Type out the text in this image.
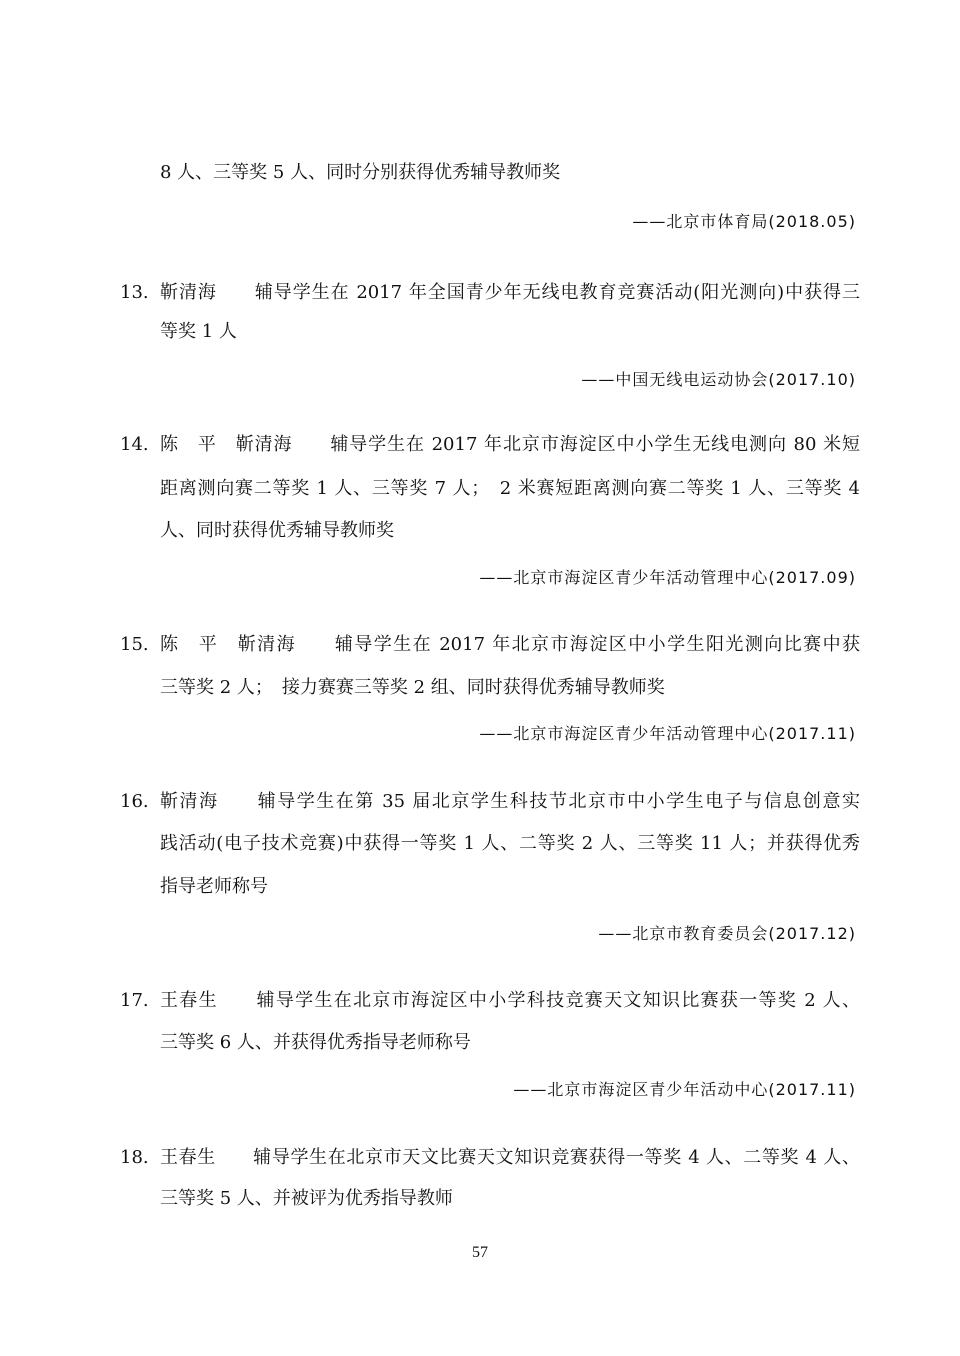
8 人、三等奖 5 人、同时分别获得优秀辅导教师奖
——北京市体育局(2018.05)
13. 靳清海　　辅导学生在 2017 年全国青少年无线电教育竞赛活动(阳光测向)中获得三
等奖 1 人
——中国无线电运动协会(2017.10)
14. 陈　平　靳清海　　辅导学生在 2017 年北京市海淀区中小学生无线电测向 80 米短
距离测向赛二等奖 1 人、三等奖 7 人；　2 米赛短距离测向赛二等奖 1 人、三等奖 4
人、同时获得优秀辅导教师奖
——北京市海淀区青少年活动管理中心(2017.09)
15. 陈　平　靳清海　　辅导学生在 2017 年北京市海淀区中小学生阳光测向比赛中获
三等奖 2 人；　接力赛赛三等奖 2 组、同时获得优秀辅导教师奖
——北京市海淀区青少年活动管理中心(2017.11)
16. 靳清海　　辅导学生在第 35 届北京学生科技节北京市中小学生电子与信息创意实
践活动(电子技术竞赛)中获得一等奖 1 人、二等奖 2 人、三等奖 11 人；并获得优秀
指导老师称号
——北京市教育委员会(2017.12)
17. 王春生　　辅导学生在北京市海淀区中小学科技竞赛天文知识比赛获一等奖 2 人、
三等奖 6 人、并获得优秀指导老师称号
——北京市海淀区青少年活动中心(2017.11)
18. 王春生　　辅导学生在北京市天文比赛天文知识竞赛获得一等奖 4 人、二等奖 4 人、
三等奖 5 人、并被评为优秀指导教师
57
